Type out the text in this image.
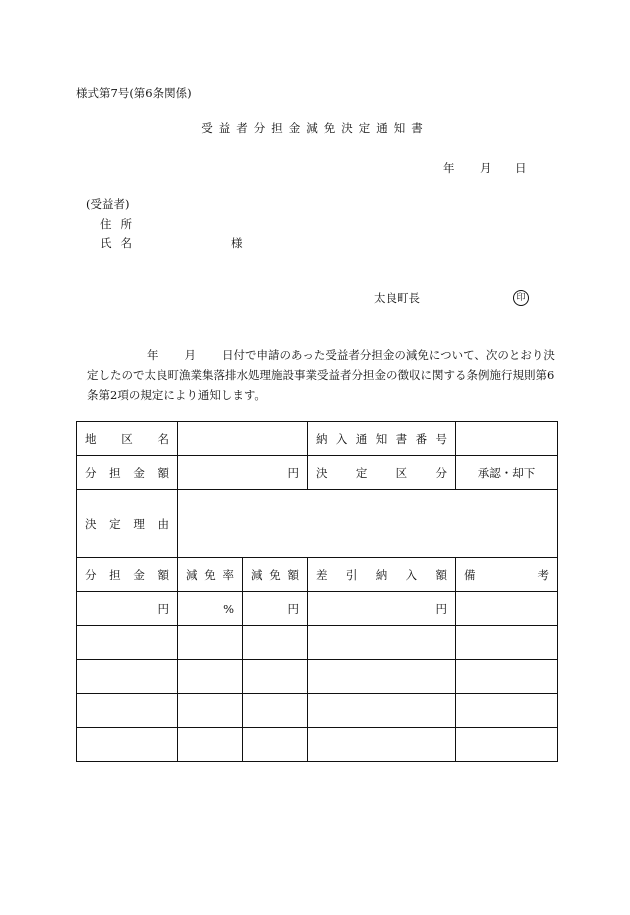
様式第7号(第6条関係)
受益者分担金減免決定通知書
年 月 日
(受益者)
住所
氏名	様
太良町長	印
年 月 日付で申請のあった受益者分担金の減免について、次のとおり決定したので太良町漁業集落排水処理施設事業受益者分担金の徴収に関する条例施行規則第6条第2項の規定により通知します。
地区名			納入通知書番号	
分担金額	円		決定区分	承認・却下
決定理由				
分担金額	減免率	減免額	差引納入額	備考
円	%	円	円	
